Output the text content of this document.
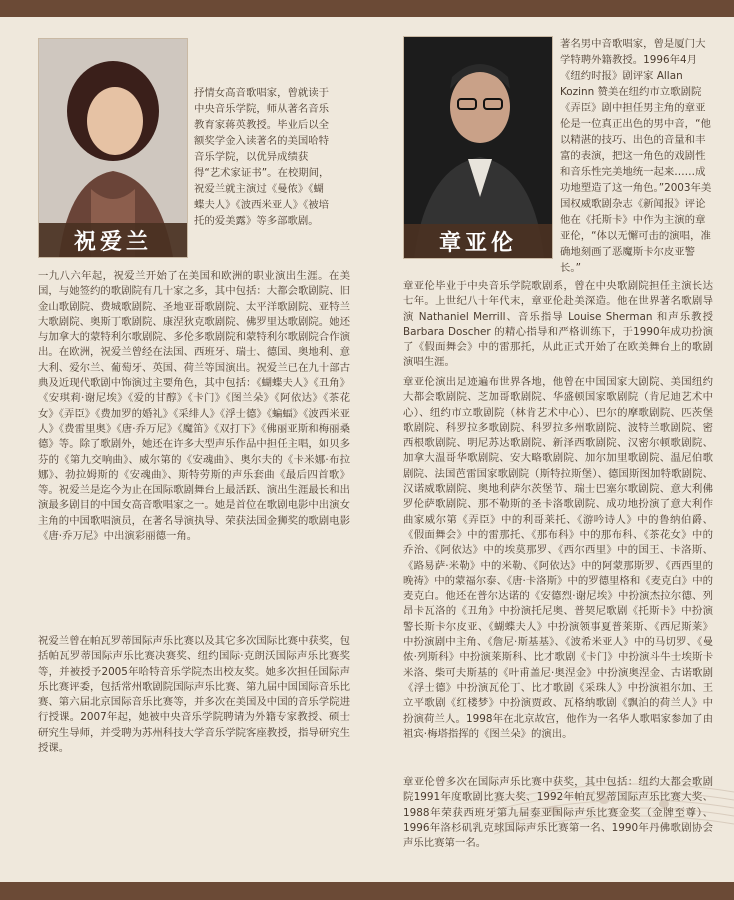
祝爱兰
抒情女高音歌唱家，曾就读于中央音乐学院，师从著名音乐教育家蒋英教授。毕业后以全额奖学金入读著名的美国哈特音乐学院，以优异成绩获得“艺术家证书”。在校期间，祝爱兰就主演过《曼侬》《蝴蝶夫人》《波西米亚人》《被培托的爱美露》等多部歌剧。
一九八六年起，祝爱兰开始了在美国和欧洲的职业演出生涯。在美国，与她签约的歌剧院有几十家之多，其中包括：大都会歌剧院、旧金山歌剧院、费城歌剧院、圣地亚哥歌剧院、太平洋歌剧院、亚特兰大歌剧院、奥斯丁歌剧院、康涅狄克歌剧院、佛罗里达歌剧院。她还与加拿大的蒙特利尔歌剧院、多伦多歌剧院和蒙特利尔歌剧院合作演出。在欧洲，祝爱兰曾经在法国、西班牙、瑞士、德国、奥地利、意大利、爱尔兰、葡萄牙、英国、荷兰等国演出。祝爱兰已在九十部古典及近现代歌剧中饰演过主要角色，其中包括：《蝴蝶夫人》《丑角》《安琪莉·谢尼埃》《爱的甘醇》《卡门》《图兰朵》《阿依达》《茶花女》《弄臣》《费加罗的婚礼》《采绯人》《浮士德》《蝙蝠》《波西米亚人》《费雷里奥》《唐·乔万尼》《魔笛》《双打下》《佛丽亚斯和梅丽桑德》等。除了歌剧外，她还在许多大型声乐作品中担任主唱，如贝多芬的《第九交响曲》、威尔第的《安魂曲》、奥尔夫的《卡米娜·布拉娜》、勃拉姆斯的《安魂曲》、斯特劳斯的声乐套曲《最后四首歌》等。祝爱兰是迄今为止在国际歌剧舞台上最活跃、演出生涯最长和出演最多剧目的中国女高音歌唱家之一。她是首位在歌剧电影中出演女主角的中国歌唱演员，在著名导演执导、荣获法国金狮奖的歌剧电影《唐·乔万尼》中出演彩丽德一角。
祝爱兰曾在帕瓦罗蒂国际声乐比赛以及其它多次国际比赛中获奖，包括帕瓦罗蒂国际声乐比赛决赛奖、纽约国际·克朗沃国际声乐比赛奖等，并被授予2005年哈特音乐学院杰出校友奖。她多次担任国际声乐比赛评委，包括常州歌剧院国际声乐比赛、第九届中国国际音乐比赛、第六届北京国际音乐比赛等，并多次在美国及中国的音乐学院进行授课。2007年起，她被中央音乐学院聘请为外籍专家教授、硕士研究生导师，并受聘为苏州科技大学音乐学院客座教授，指导研究生授课。
章亚伦
著名男中音歌唱家，曾是厦门大学特聘外籍教授。1996年4月《纽约时报》剧评家 Allan Kozinn 赞美在纽约市立歌剧院《弄臣》剧中担任男主角的章亚伦是一位真正出色的男中音，“他以精湛的技巧、出色的音量和丰富的表演，把这一角色的戏剧性和音乐性完美地统一起来……成功地塑造了这一角色。”2003年美国权威歌剧杂志《新闻报》评论他在《托斯卡》中作为主演的章亚伦，“体以无懈可击的演唱，准确地刻画了恶魔斯卡尔皮亚警长。”
章亚伦毕业于中央音乐学院歌剧系，曾在中央歌剧院担任主演长达七年。上世纪八十年代末，章亚伦赴美深造。他在世界著名歌剧导演 Nathaniel Merrill、音乐指导 Louise Sherman 和声乐教授 Barbara Doscher 的精心指导和严格训练下，于1990年成功扮演了《假面舞会》中的雷那托，从此正式开始了在欧美舞台上的歌剧演唱生涯。
章亚伦演出足迹遍布世界各地，他曾在中国国家大剧院、美国纽约大都会歌剧院、芝加哥歌剧院、华盛顿国家歌剧院（肯尼迪艺术中心）、纽约市立歌剧院（林肯艺术中心）、巴尔的摩歌剧院、匹茨堡歌剧院、科罗拉多歌剧院、科罗拉多州歌剧院、波特兰歌剧院、密西根歌剧院、明尼苏达歌剧院、新泽西歌剧院、汉密尔顿歌剧院、加拿大温哥华歌剧院、安大略歌剧院、加尔加里歌剧院、温尼伯歌剧院、法国芭雷国家歌剧院（斯特拉斯堡）、德国斯图加特歌剧院、汉诺威歌剧院、奥地利萨尔茨堡节、瑞士巴塞尔歌剧院、意大利佛罗伦萨歌剧院、那不勒斯的圣卡洛歌剧院、成功地扮演了意大利作曲家威尔第《弄臣》中的利哥莱托、《游吟诗人》中的鲁纳伯爵、《假面舞会》中的雷那托、《那布科》中的那布科、《茶花女》中的乔治、《阿依达》中的埃莫那罗、《西尔西里》中的国王、卡洛斯、《路易萨·米勒》中的米勒、《阿依达》中的阿蒙那斯罗、《西西里的晚祷》中的蒙福尔泰、《唐·卡洛斯》中的罗德里格和《麦克白》中的麦克白。他还在普尔达诺的《安德烈·谢尼埃》中扮演杰拉尔德、列昂卡瓦洛的《丑角》中扮演托尼奥、普契尼歌剧《托斯卡》中扮演警长斯卡尔皮亚、《蝴蝶夫人》中扮演领事夏普莱斯、《西尼斯莱》中扮演剧中主角、《詹尼·斯基基》、《波希米亚人》中的马切罗、《曼侬·列斯科》中扮演莱斯科、比才歌剧《卡门》中扮演斗牛士埃斯卡米洛、柴可夫斯基的《叶甫盖尼·奥涅金》中扮演奥涅金、古诺歌剧《浮士德》中扮演瓦伦丁、比才歌剧《采珠人》中扮演祖尔加、王立平歌剧《红楼梦》中扮演贾政、瓦格纳歌剧《飘泊的荷兰人》中扮演荷兰人。1998年在北京故宫，他作为一名华人歌唱家参加了由祖宾·梅塔指挥的《图兰朵》的演出。
章亚伦曾多次在国际声乐比赛中获奖，其中包括：纽约大都会歌剧院1991年度歌剧比赛大奖、1992年帕瓦罗蒂国际声乐比赛大奖、1988年荣获西班牙第九届泰亚国际声乐比赛金奖（金牌至尊）、1996年洛杉矶乳克球国际声乐比赛第一名、1990年丹佛歌剧协会声乐比赛第一名。
